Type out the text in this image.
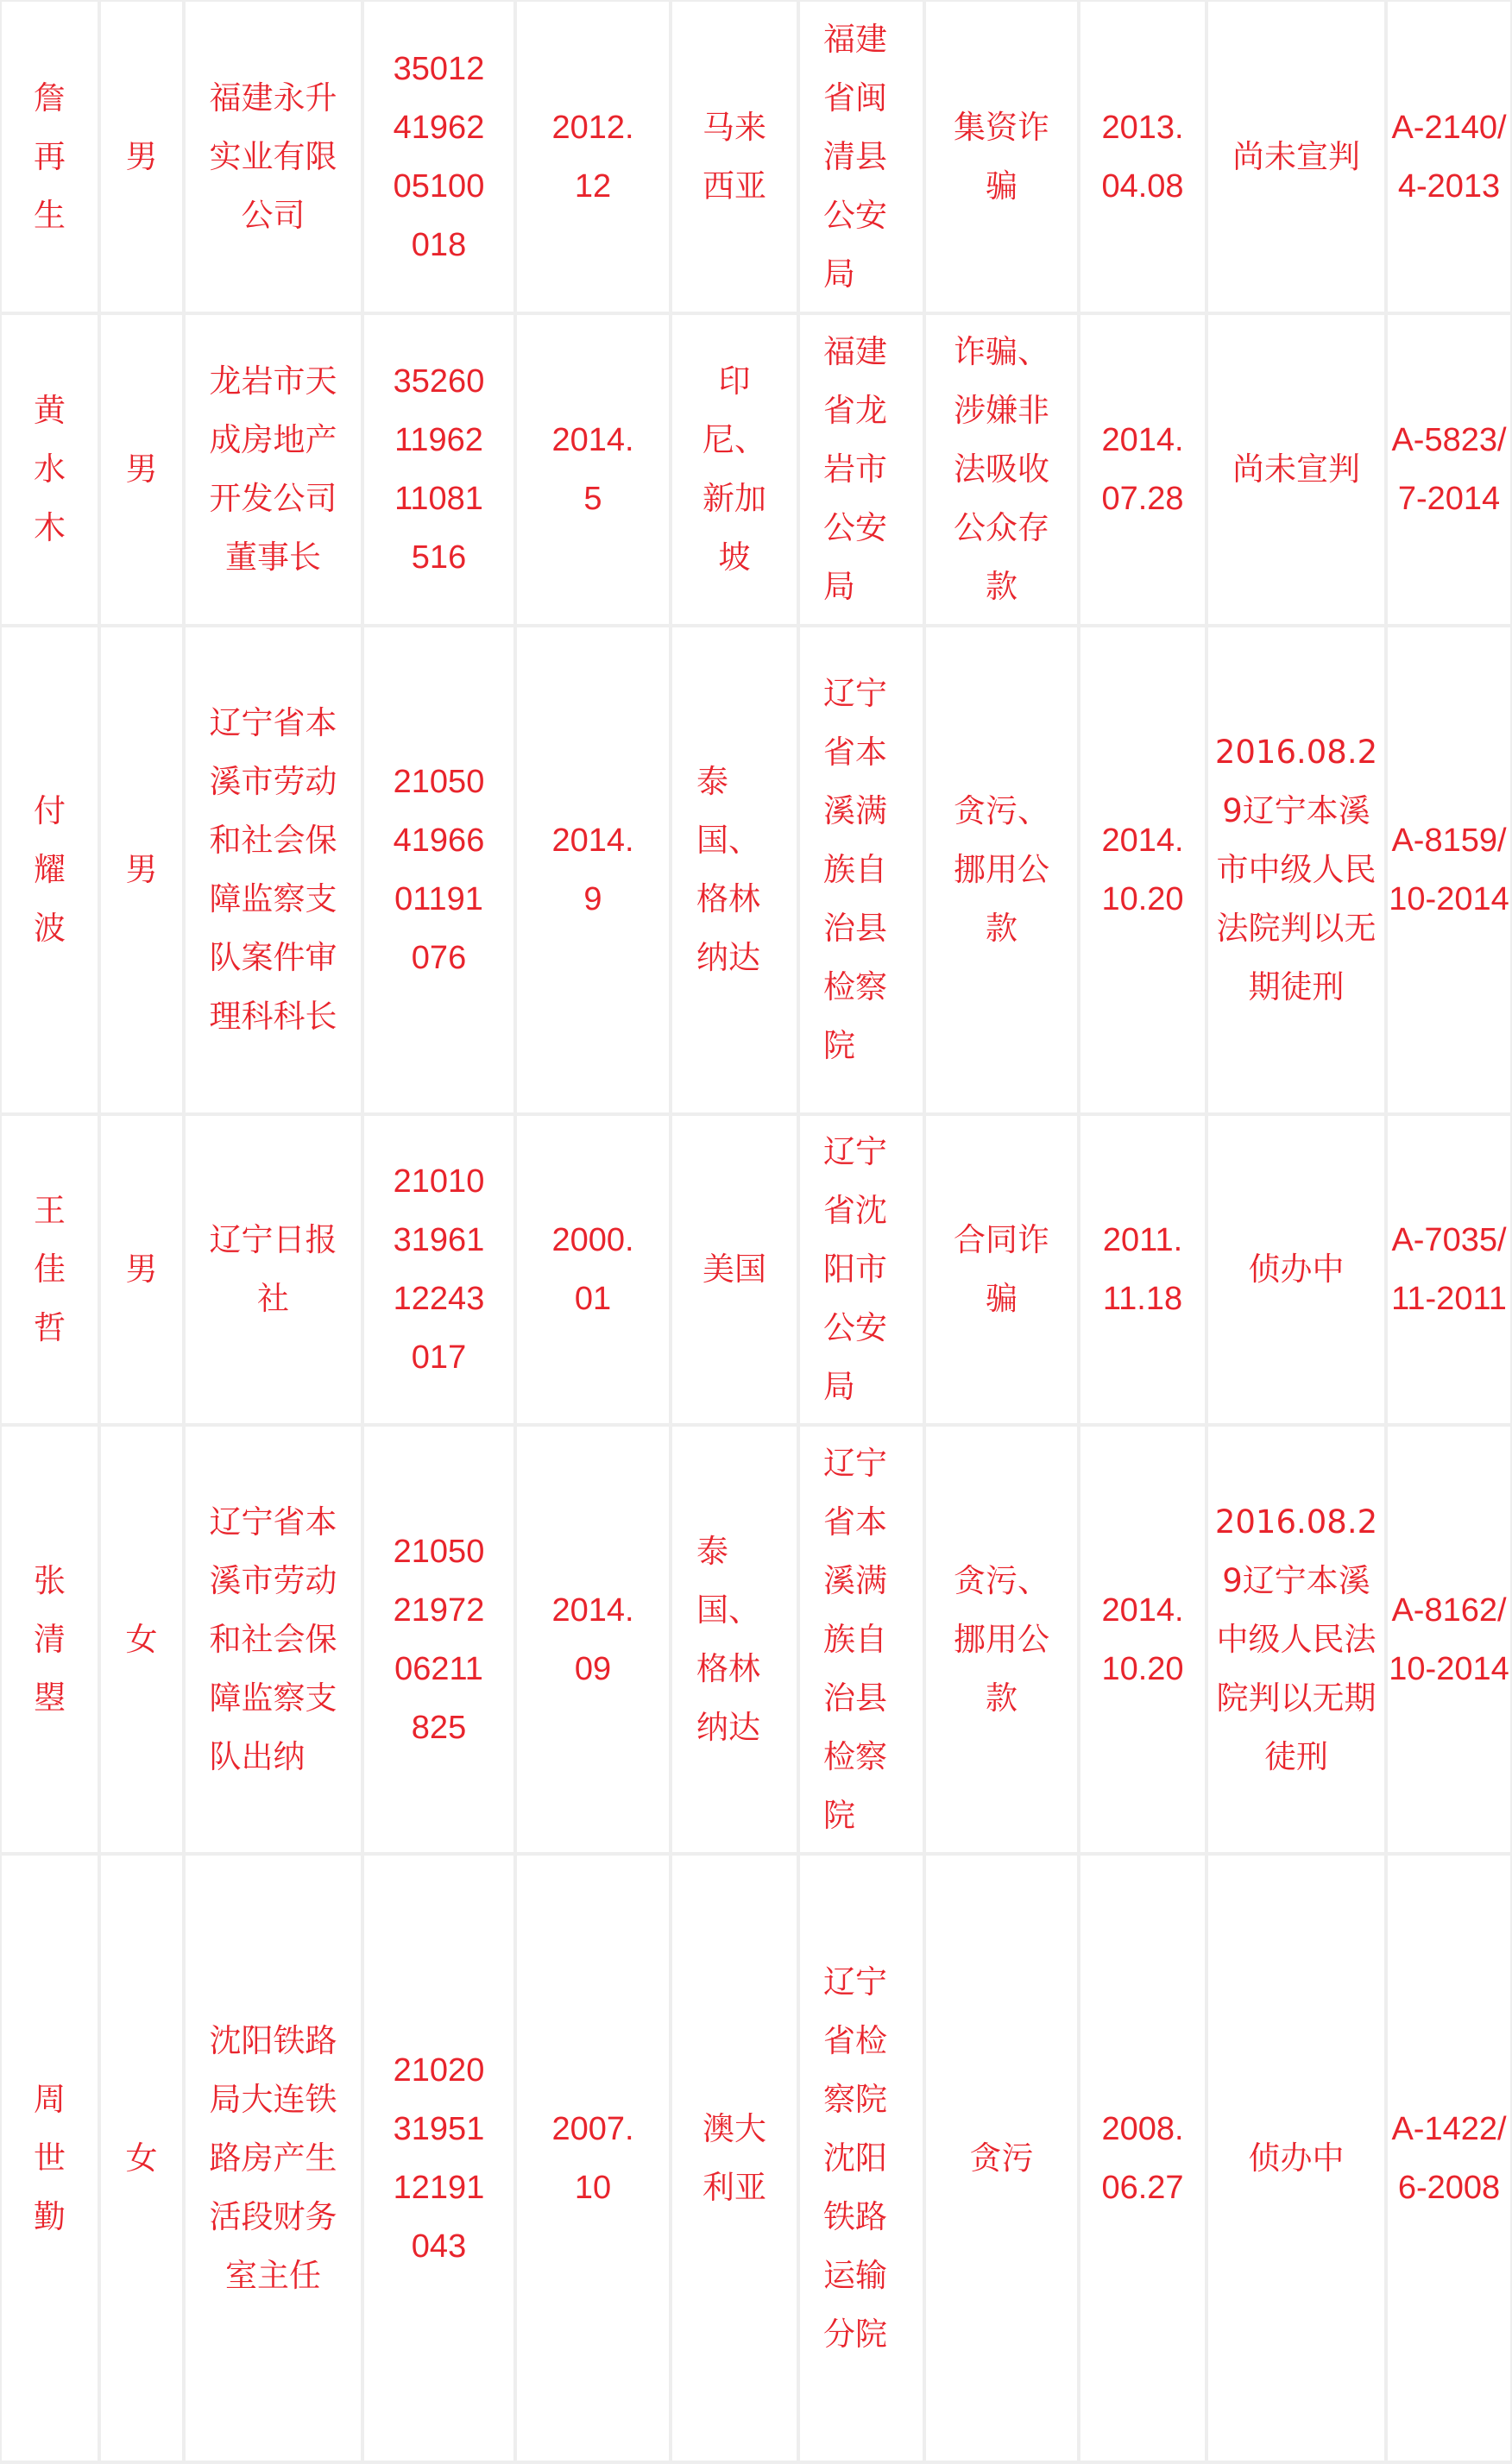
詹再生	男	福建永升实业有限公司	350124196205100018	2012.12	马来西亚	福建省闽清县公安局	集资诈骗	2013.04.08	尚未宣判	A-2140/4-2013
黄水木	男	龙岩市天成房地产开发公司董事长	352601196211081516	2014.5	印尼、新加坡	福建省龙岩市公安局	诈骗、涉嫌非法吸收公众存款	2014.07.28	尚未宣判	A-5823/7-2014
付耀波	男	辽宁省本溪市劳动和社会保障监察支队案件审理科科长	210504196601191076	2014.9	泰国、格林纳达	辽宁省本溪满族自治县检察院	贪污、挪用公款	2014.10.20	2016.08.29辽宁本溪市中级人民法院判以无期徒刑	A-8159/10-2014
王佳哲	男	辽宁日报社	210103196112243017	2000.01	美国	辽宁省沈阳市公安局	合同诈骗	2011.11.18	侦办中	A-7035/11-2011
张清曌	女	辽宁省本溪市劳动和社会保障监察支队出纳	210502197206211825	2014.09	泰国、格林纳达	辽宁省本溪满族自治县检察院	贪污、挪用公款	2014.10.20	2016.08.29辽宁本溪中级人民法院判以无期徒刑	A-8162/10-2014
周世勤	女	沈阳铁路局大连铁路房产生活段财务室主任	210203195112191043	2007.10	澳大利亚	辽宁省检察院沈阳铁路运输分院	贪污	2008.06.27	侦办中	A-1422/6-2008
